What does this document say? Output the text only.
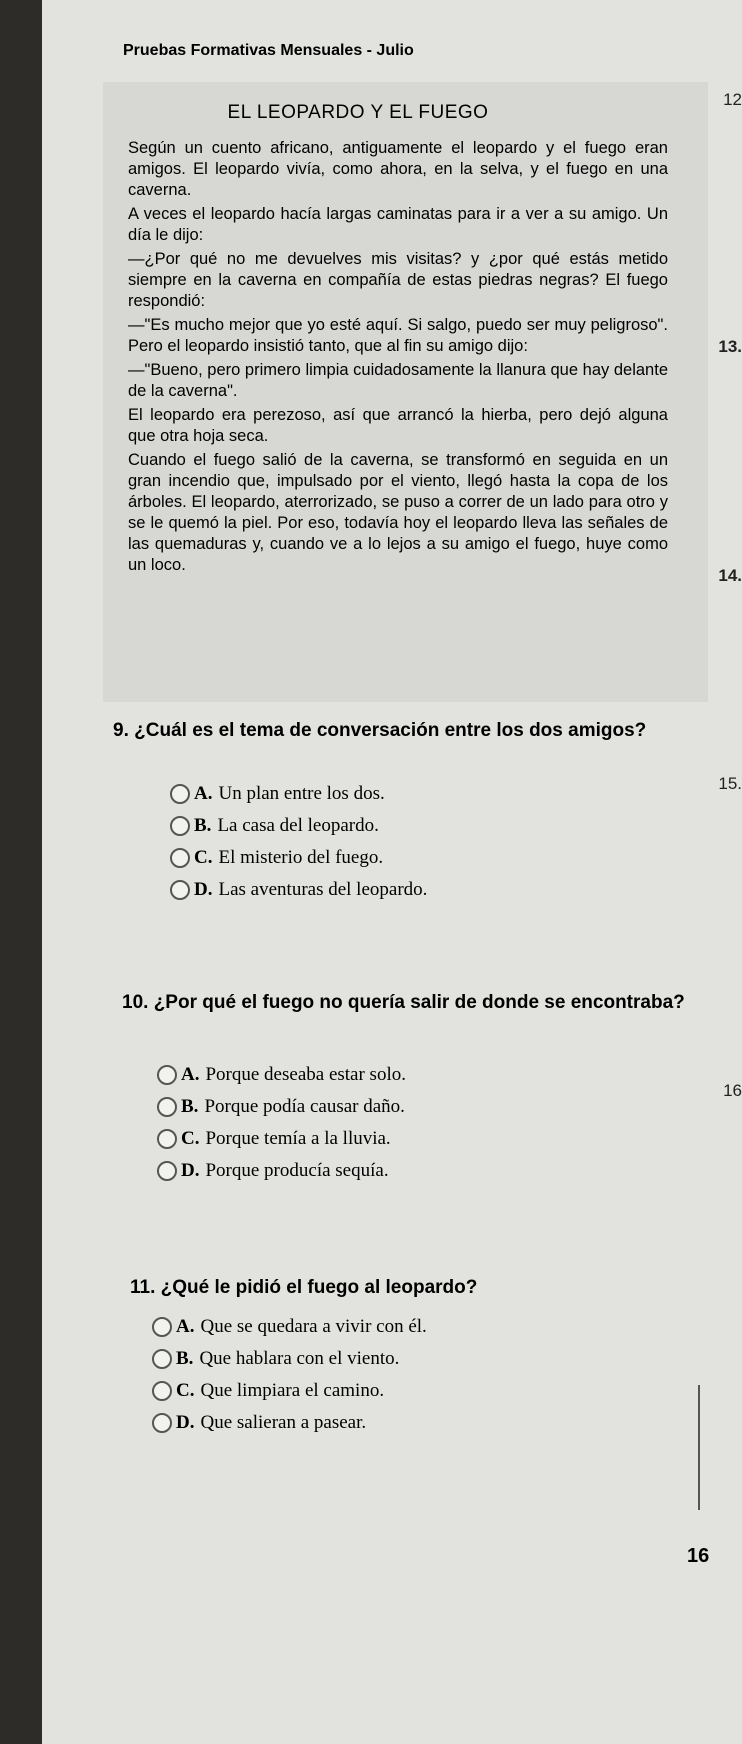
Pruebas Formativas Mensuales - Julio
EL LEOPARDO Y EL FUEGO

Según un cuento africano, antiguamente el leopardo y el fuego eran amigos. El leopardo vivía, como ahora, en la selva, y el fuego en una caverna.

A veces el leopardo hacía largas caminatas para ir a ver a su amigo. Un día le dijo:

—¿Por qué no me devuelves mis visitas? y ¿por qué estás metido siempre en la caverna en compañía de estas piedras negras? El fuego respondió:

—"Es mucho mejor que yo esté aquí. Si salgo, puedo ser muy peligroso". Pero el leopardo insistió tanto, que al fin su amigo dijo:

—"Bueno, pero primero limpia cuidadosamente la llanura que hay delante de la caverna".

El leopardo era perezoso, así que arrancó la hierba, pero dejó alguna que otra hoja seca.

Cuando el fuego salió de la caverna, se transformó en seguida en un gran incendio que, impulsado por el viento, llegó hasta la copa de los árboles. El leopardo, aterrorizado, se puso a correr de un lado para otro y se le quemó la piel. Por eso, todavía hoy el leopardo lleva las señales de las quemaduras y, cuando ve a lo lejos a su amigo el fuego, huye como un loco.

12
13.
14.
15.
16
9. ¿Cuál es el tema de conversación entre los dos amigos?
A. Un plan entre los dos.
B. La casa del leopardo.
C. El misterio del fuego.
D. Las aventuras del leopardo.
10. ¿Por qué el fuego no quería salir de donde se encontraba?
A. Porque deseaba estar solo.
B. Porque podía causar daño.
C. Porque temía a la lluvia.
D. Porque producía sequía.
11. ¿Qué le pidió el fuego al leopardo?
A. Que se quedara a vivir con él.
B. Que hablara con el viento.
C. Que limpiara el camino.
D. Que salieran a pasear.
16
